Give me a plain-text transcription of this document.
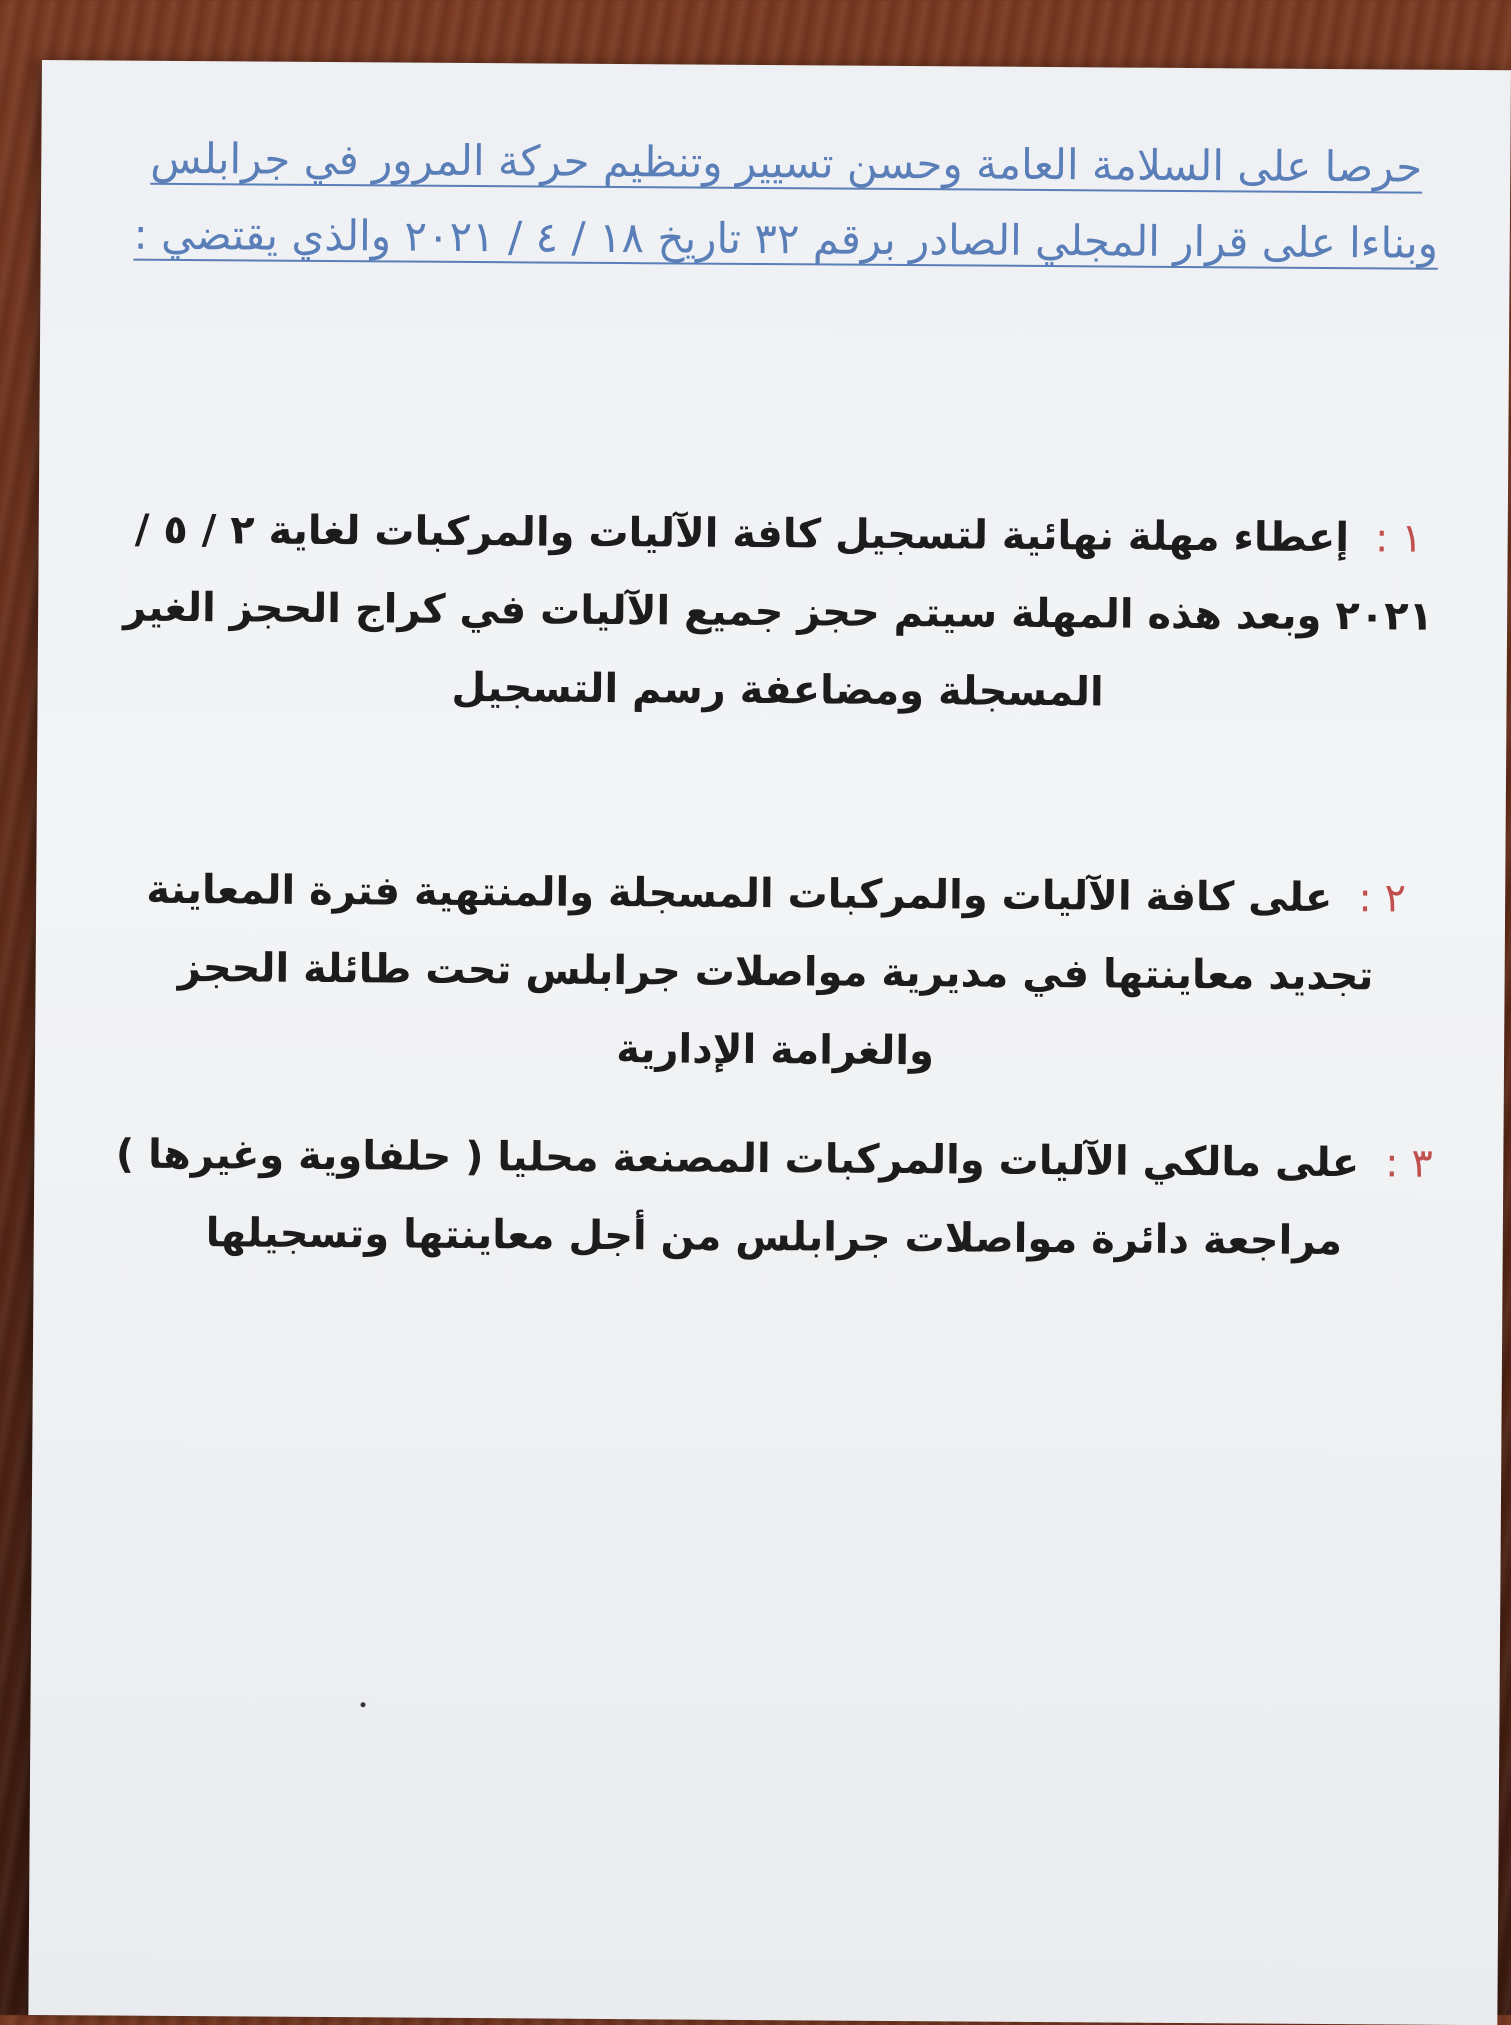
حرصا على السلامة العامة وحسن تسيير وتنظيم حركة المرور في جرابلس وبناءا على قرار المجلي الصادر برقم ٣٢ تاريخ ١٨ / ٤ / ٢٠٢١ والذي يقتضي :
١ : إعطاء مهلة نهائية لتسجيل كافة الآليات والمركبات لغاية ٢ / ٥ / ٢٠٢١ وبعد هذه المهلة سيتم حجز جميع الآليات في كراج الحجز الغير المسجلة ومضاعفة رسم التسجيل
٢ : على كافة الآليات والمركبات المسجلة والمنتهية فترة المعاينة تجديد معاينتها في مديرية مواصلات جرابلس تحت طائلة الحجز والغرامة الإدارية
٣ : على مالكي الآليات والمركبات المصنعة محليا ( حلفاوية وغيرها ) مراجعة دائرة مواصلات جرابلس من أجل معاينتها وتسجيلها
